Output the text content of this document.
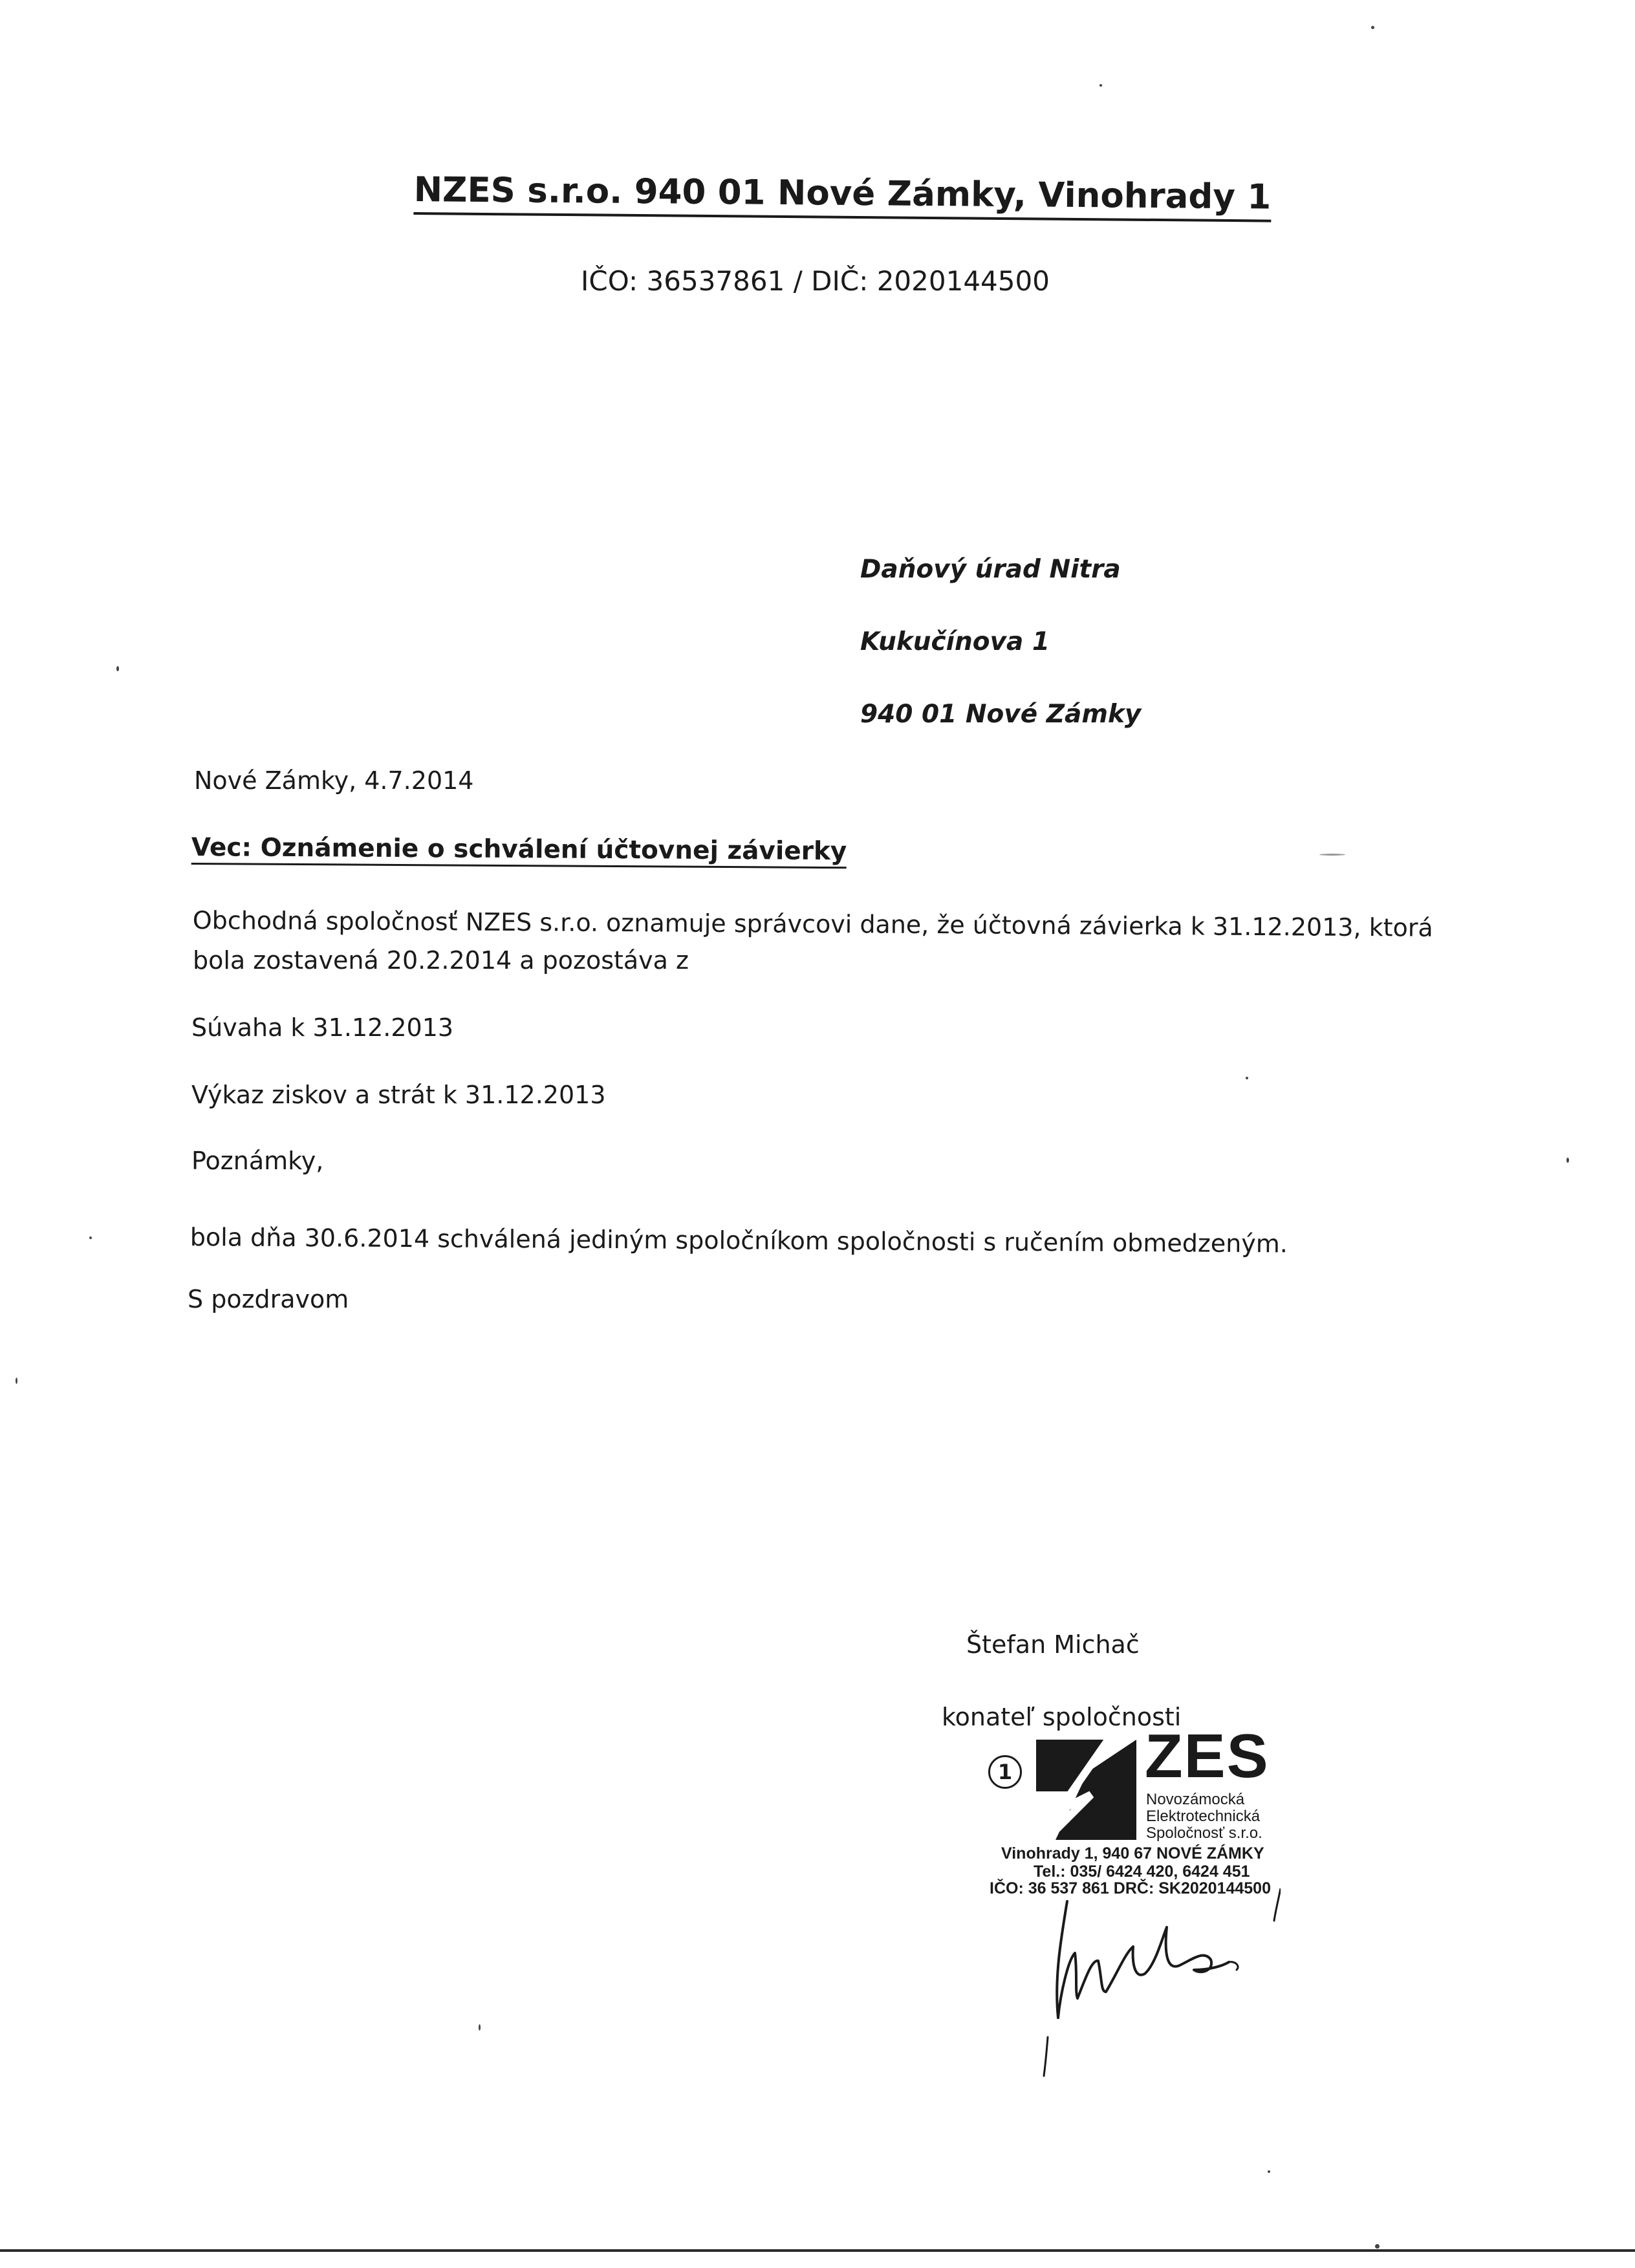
NZES s.r.o. 940 01 Nové Zámky, Vinohrady 1
IČO: 36537861 / DIČ: 2020144500
Daňový úrad Nitra
Kukučínova 1
940 01 Nové Zámky
Nové Zámky, 4.7.2014
Vec: Oznámenie o schválení účtovnej závierky
Obchodná spoločnosť NZES s.r.o. oznamuje správcovi dane, že účtovná závierka k 31.12.2013, ktorá
bola zostavená 20.2.2014 a pozostáva z
Súvaha k 31.12.2013
Výkaz ziskov a strát k 31.12.2013
Poznámky,
bola dňa 30.6.2014 schválená jediným spoločníkom spoločnosti s ručením obmedzeným.
S pozdravom
Štefan Michač
konateľ spoločnosti
1 ZES
Novozámocká
Elektrotechnická
Spoločnosť s.r.o.
Vinohrady 1, 940 67 NOVÉ ZÁMKY
Tel.: 035/ 6424 420, 6424 451
IČO: 36 537 861 DRČ: SK2020144500
